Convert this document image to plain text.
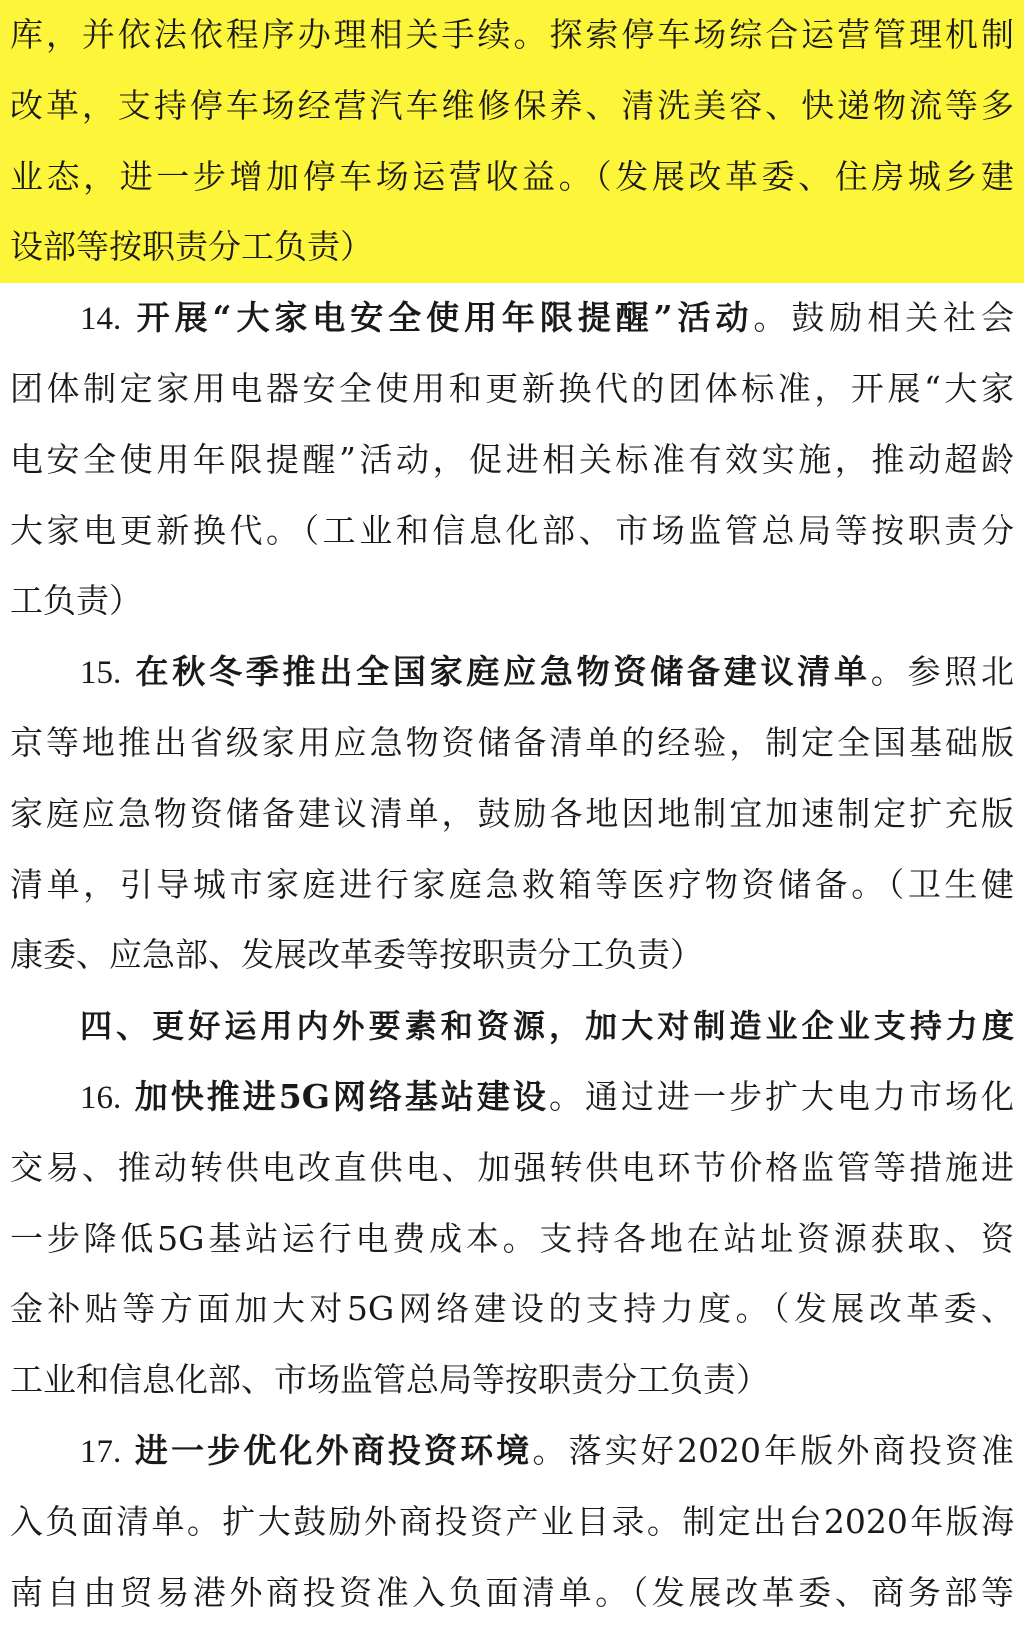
库，并依法依程序办理相关手续。探索停车场综合运营管理机制
改革，支持停车场经营汽车维修保养、清洗美容、快递物流等多
业态，进一步增加停车场运营收益。（发展改革委、住房城乡建
设部等按职责分工负责）
14. 开展“大家电安全使用年限提醒”活动。鼓励相关社会
团体制定家用电器安全使用和更新换代的团体标准，开展“大家
电安全使用年限提醒”活动，促进相关标准有效实施，推动超龄
大家电更新换代。（工业和信息化部、市场监管总局等按职责分
工负责）
15. 在秋冬季推出全国家庭应急物资储备建议清单。参照北
京等地推出省级家用应急物资储备清单的经验，制定全国基础版
家庭应急物资储备建议清单，鼓励各地因地制宜加速制定扩充版
清单，引导城市家庭进行家庭急救箱等医疗物资储备。（卫生健
康委、应急部、发展改革委等按职责分工负责）
四、更好运用内外要素和资源，加大对制造业企业支持力度
16. 加快推进5G网络基站建设。通过进一步扩大电力市场化
交易、推动转供电改直供电、加强转供电环节价格监管等措施进
一步降低5G基站运行电费成本。支持各地在站址资源获取、资
金补贴等方面加大对5G网络建设的支持力度。（发展改革委、
工业和信息化部、市场监管总局等按职责分工负责）
17. 进一步优化外商投资环境。落实好2020年版外商投资准
入负面清单。扩大鼓励外商投资产业目录。制定出台2020年版海
南自由贸易港外商投资准入负面清单。（发展改革委、商务部等
